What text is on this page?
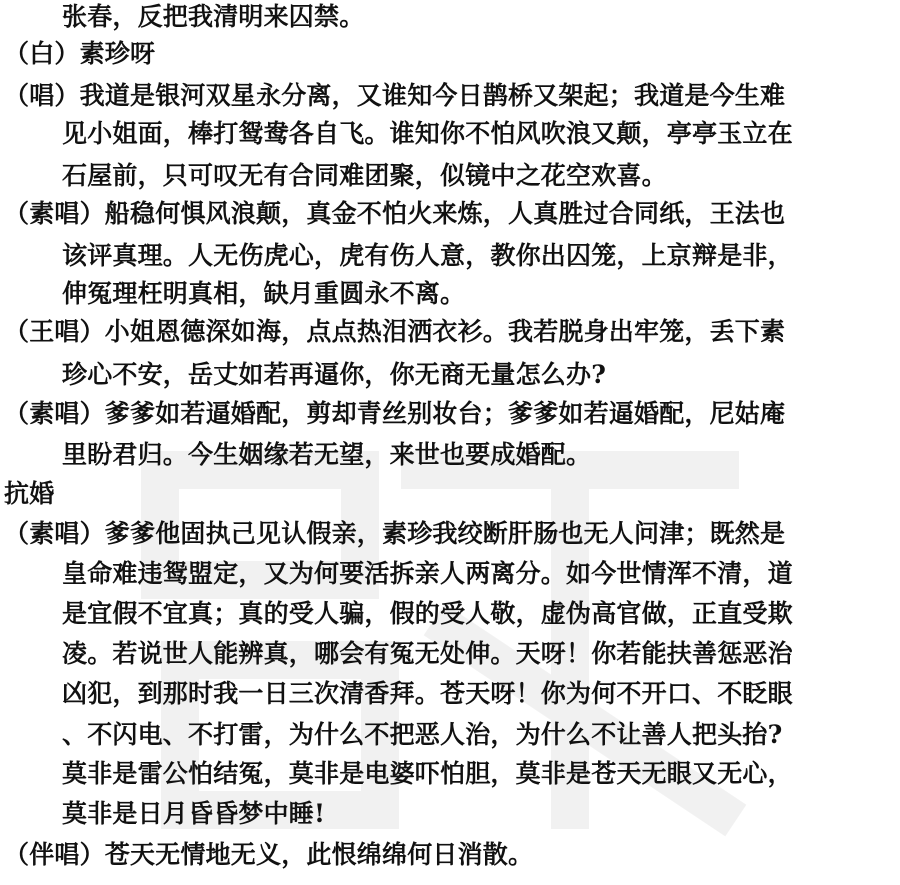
张春，反把我清明来囚禁。
（白）素珍呀
（唱）我道是银河双星永分离，又谁知今日鹊桥又架起；我道是今生难
见小姐面，棒打鸳鸯各自飞。谁知你不怕风吹浪又颠，亭亭玉立在
石屋前，只可叹无有合同难团聚，似镜中之花空欢喜。
（素唱）船稳何惧风浪颠，真金不怕火来炼，人真胜过合同纸，王法也
该评真理。人无伤虎心，虎有伤人意，教你出囚笼，上京辩是非，
伸冤理枉明真相，缺月重圆永不离。
（王唱）小姐恩德深如海，点点热泪洒衣衫。我若脱身出牢笼，丢下素
珍心不安，岳丈如若再逼你，你无商无量怎么办?
（素唱）爹爹如若逼婚配，剪却青丝别妆台；爹爹如若逼婚配，尼姑庵
里盼君归。今生姻缘若无望，来世也要成婚配。
抗婚
（素唱）爹爹他固执己见认假亲，素珍我绞断肝肠也无人问津；既然是
皇命难违鸳盟定，又为何要活拆亲人两离分。如今世情浑不清，道
是宜假不宜真；真的受人骗，假的受人敬，虚伪高官做，正直受欺
凌。若说世人能辨真，哪会有冤无处伸。天呀！你若能扶善惩恶治
凶犯，到那时我一日三次清香拜。苍天呀！你为何不开口、不眨眼
、不闪电、不打雷，为什么不把恶人治，为什么不让善人把头抬?
莫非是雷公怕结冤，莫非是电婆吓怕胆，莫非是苍天无眼又无心，
莫非是日月昏昏梦中睡!
（伴唱）苍天无情地无义，此恨绵绵何日消散。
